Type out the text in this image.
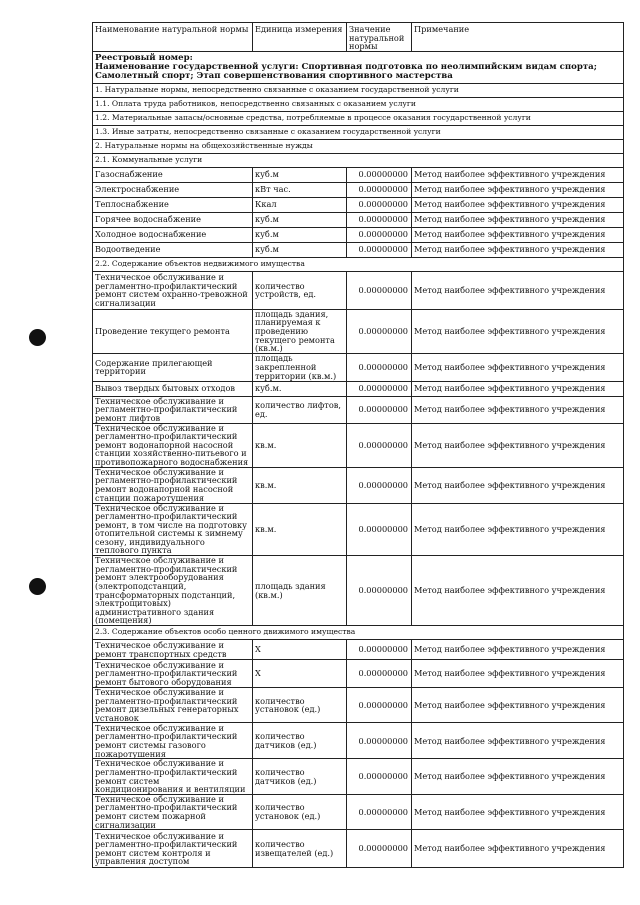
Наименование натуральной нормы	Единица измерения	Значение натуральной нормы	Примечание

Реестровый номер:
Наименование государственной услуги: Спортивная подготовка по неолимпийским видам спорта; Самолетный спорт; Этап совершенствования спортивного мастерства			

1. Натуральные нормы, непосредственно связанные с оказанием государственной услуги			
1.1. Оплата труда работников, непосредственно связанных с оказанием услуги			
1.2. Материальные запасы/основные средства, потребляемые в процессе оказания государственной услуги			
1.3. Иные затраты, непосредственно связанные с оказанием государственной услуги			
2. Натуральные нормы на общехозяйственные нужды			
2.1. Коммунальные услуги			
Газоснабжение	куб.м	0.00000000	Метод наиболее эффективного учреждения
Электроснабжение	кВт час.	0.00000000	Метод наиболее эффективного учреждения
Теплоснабжение	Ккал	0.00000000	Метод наиболее эффективного учреждения
Горячее водоснабжение	куб.м	0.00000000	Метод наиболее эффективного учреждения
Холодное водоснабжение	куб.м	0.00000000	Метод наиболее эффективного учреждения
Водоотведение	куб.м	0.00000000	Метод наиболее эффективного учреждения
2.2. Содержание объектов недвижимого имущества			
Техническое обслуживание и регламентно-профилактический ремонт систем охранно-тревожной сигнализации	количество устройств, ед.	0.00000000	Метод наиболее эффективного учреждения
Проведение текущего ремонта	площадь здания, планируемая к проведению текущего ремонта (кв.м.)	0.00000000	Метод наиболее эффективного учреждения
Содержание прилегающей территории	площадь закрепленной территории (кв.м.)	0.00000000	Метод наиболее эффективного учреждения
Вывоз твердых бытовых отходов	куб.м.	0.00000000	Метод наиболее эффективного учреждения
Техническое обслуживание и регламентно-профилактический ремонт лифтов	количество лифтов, ед.	0.00000000	Метод наиболее эффективного учреждения
Техническое обслуживание и регламентно-профилактический ремонт водонапорной насосной станции хозяйственно-питьевого и противопожарного водоснабжения	кв.м.	0.00000000	Метод наиболее эффективного учреждения
Техническое обслуживание и регламентно-профилактический ремонт водонапорной насосной станции пожаротушения	кв.м.	0.00000000	Метод наиболее эффективного учреждения
Техническое обслуживание и регламентно-профилактический ремонт, в том числе на подготовку отопительной системы к зимнему сезону, индивидуального теплового пункта	кв.м.	0.00000000	Метод наиболее эффективного учреждения
Техническое обслуживание и регламентно-профилактический ремонт электрооборудования (электроподстанций, трансформаторных подстанций, электрощитовых) административного здания (помещения)	площадь здания (кв.м.)	0.00000000	Метод наиболее эффективного учреждения
2.3. Содержание объектов особо ценного движимого имущества			
Техническое обслуживание и ремонт транспортных средств	Х	0.00000000	Метод наиболее эффективного учреждения
Техническое обслуживание и регламентно-профилактический ремонт бытового оборудования	Х	0.00000000	Метод наиболее эффективного учреждения
Техническое обслуживание и регламентно-профилактический ремонт дизельных генераторных установок	количество установок (ед.)	0.00000000	Метод наиболее эффективного учреждения
Техническое обслуживание и регламентно-профилактический ремонт системы газового пожаротушения	количество датчиков (ед.)	0.00000000	Метод наиболее эффективного учреждения
Техническое обслуживание и регламентно-профилактический ремонт систем кондиционирования и вентиляции	количество датчиков (ед.)	0.00000000	Метод наиболее эффективного учреждения
Техническое обслуживание и регламентно-профилактический ремонт систем пожарной сигнализации	количество установок (ед.)	0.00000000	Метод наиболее эффективного учреждения
Техническое обслуживание и регламентно-профилактический ремонт систем контроля и управления доступом	количество извещателей (ед.)	0.00000000	Метод наиболее эффективного учреждения
